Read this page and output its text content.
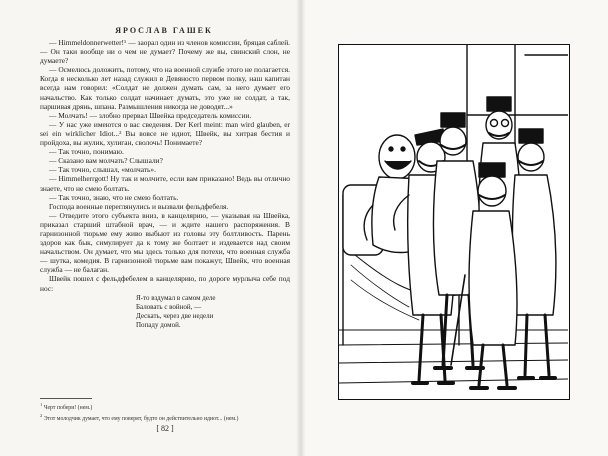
ЯРОСЛАВ ГАШЕК

— Himmeldonnerwetter!¹ — заорал один из членов комиссии, бряцая саблей. — Он таки вообще ни о чем не думает? Почему же вы, свинский слон, не думаете?

— Осмелюсь доложить, потому, что на военной службе этого не полагается. Когда я несколько лет назад служил в Девяносто первом полку, наш капитан всегда нам говорил: «Солдат не должен думать сам, за него думает его начальство. Как только солдат начинает думать, это уже не солдат, а так, паршивая дрянь, шпана. Размышления никогда не доводят...»

— Молчать! — злобно прервал Швейка председатель комиссии.

— У нас уже имеются о вас сведения. Der Kerl meint: man wird glauben, er sei ein wirklicher Idiot...² Вы вовсе не идиот, Швейк, вы хитрая бестия и пройдоха, вы жулик, хулиган, сволочь! Понимаете?

— Так точно, понимаю.

— Сказано вам молчать? Слышали?

— Так точно, слышал, «молчать».

— Himmelherrgott! Ну так и молчите, если вам приказано! Ведь вы отлично знаете, что не смею болтать.

— Так точно, знаю, что не смею болтать.

Господа военные переглянулись и вызвали фельдфебеля.

— Отведите этого субъекта вниз, в канцелярию, — указывая на Швейка, приказал старший штабной врач, — и ждите нашего распоряжения. В гарнизонной тюрьме ему живо выбьют из головы эту болтливость. Парень здоров как бык, симулирует да к тому же болтает и издевается над своим начальством. Он думает, что мы здесь только для потехи, что военная служба — шутка, комедия. В гарнизонной тюрьме вам покажут, Швейк, что военная служба — не балаган.

Швейк пошел с фельдфебелем в канцелярию, по дороге мурлыча себе под нос:

Я-то вздумал в самом деле
Баловать с войной, —
Дескать, через две недели
Попаду домой.
$^1$ Черт побери! (нем.)
$^2$ Этот молодчик думает, что ему поверят, будто он действительно идиот... (нем.)
[ 82 ]
